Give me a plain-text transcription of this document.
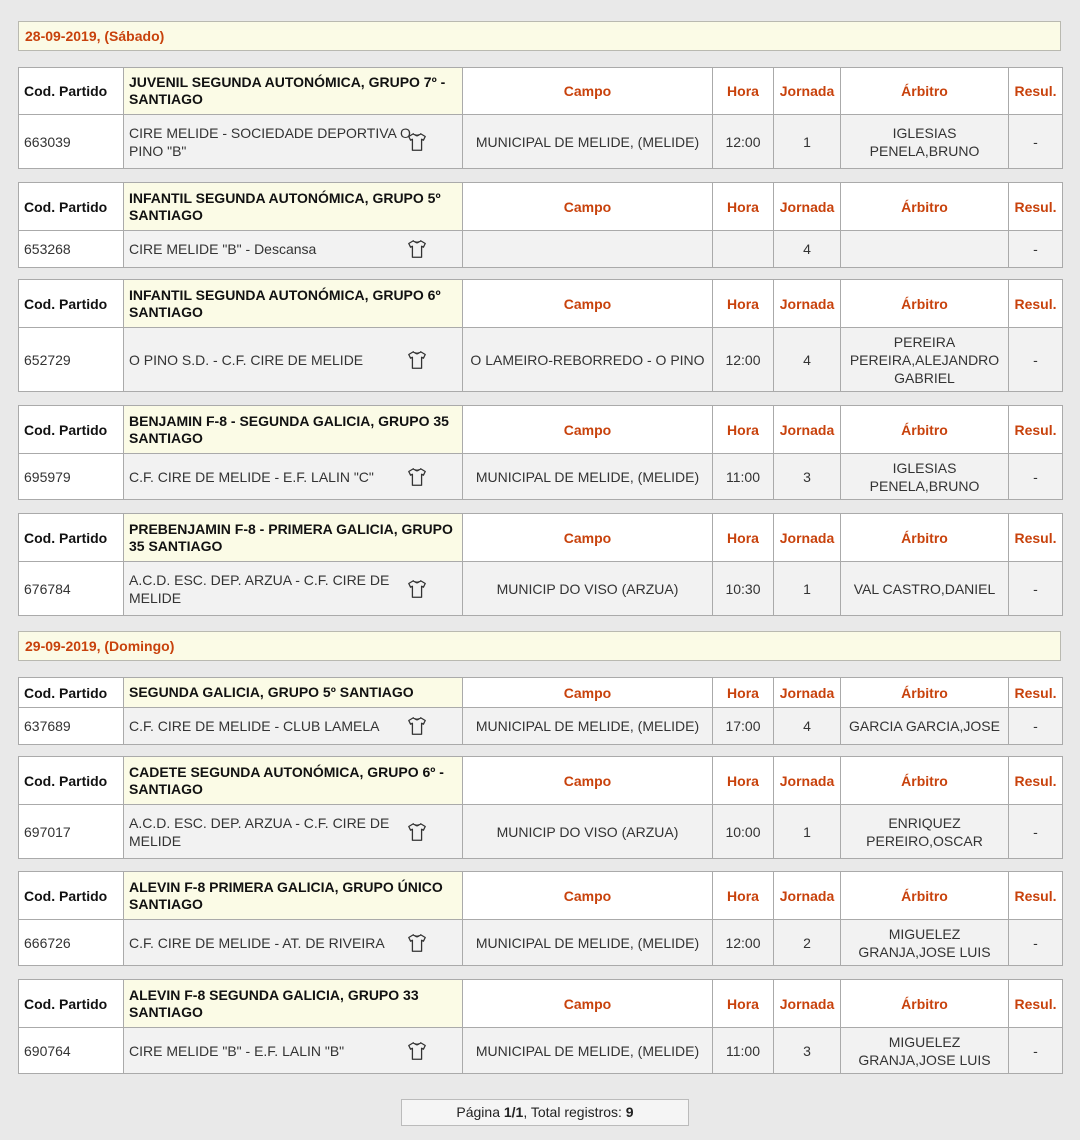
28-09-2019, (Sábado)
Cod. Partido	JUVENIL SEGUNDA AUTONÓMICA, GRUPO 7º - SANTIAGO	Campo	Hora	Jornada	Árbitro	Resul.
663039	CIRE MELIDE - SOCIEDADE DEPORTIVA O PINO "B"	MUNICIPAL DE MELIDE, (MELIDE)	12:00	1	IGLESIAS PENELA,BRUNO	-
Cod. Partido	INFANTIL SEGUNDA AUTONÓMICA, GRUPO 5º SANTIAGO	Campo	Hora	Jornada	Árbitro	Resul.
653268	CIRE MELIDE "B" - Descansa			4		-
Cod. Partido	INFANTIL SEGUNDA AUTONÓMICA, GRUPO 6º SANTIAGO	Campo	Hora	Jornada	Árbitro	Resul.
652729	O PINO S.D. - C.F. CIRE DE MELIDE	O LAMEIRO-REBORREDO - O PINO	12:00	4	PEREIRA PEREIRA,ALEJANDRO GABRIEL	-
Cod. Partido	BENJAMIN F-8 - SEGUNDA GALICIA, GRUPO 35 SANTIAGO	Campo	Hora	Jornada	Árbitro	Resul.
695979	C.F. CIRE DE MELIDE - E.F. LALIN "C"	MUNICIPAL DE MELIDE, (MELIDE)	11:00	3	IGLESIAS PENELA,BRUNO	-
Cod. Partido	PREBENJAMIN F-8 - PRIMERA GALICIA, GRUPO 35 SANTIAGO	Campo	Hora	Jornada	Árbitro	Resul.
676784	A.C.D. ESC. DEP. ARZUA - C.F. CIRE DE MELIDE	MUNICIP DO VISO (ARZUA)	10:30	1	VAL CASTRO,DANIEL	-
29-09-2019, (Domingo)
Cod. Partido	SEGUNDA GALICIA, GRUPO 5º SANTIAGO	Campo	Hora	Jornada	Árbitro	Resul.
637689	C.F. CIRE DE MELIDE - CLUB LAMELA	MUNICIPAL DE MELIDE, (MELIDE)	17:00	4	GARCIA GARCIA,JOSE	-
Cod. Partido	CADETE SEGUNDA AUTONÓMICA, GRUPO 6º - SANTIAGO	Campo	Hora	Jornada	Árbitro	Resul.
697017	A.C.D. ESC. DEP. ARZUA - C.F. CIRE DE MELIDE	MUNICIP DO VISO (ARZUA)	10:00	1	ENRIQUEZ PEREIRO,OSCAR	-
Cod. Partido	ALEVIN F-8 PRIMERA GALICIA, GRUPO ÚNICO SANTIAGO	Campo	Hora	Jornada	Árbitro	Resul.
666726	C.F. CIRE DE MELIDE - AT. DE RIVEIRA	MUNICIPAL DE MELIDE, (MELIDE)	12:00	2	MIGUELEZ GRANJA,JOSE LUIS	-
Cod. Partido	ALEVIN F-8 SEGUNDA GALICIA, GRUPO 33 SANTIAGO	Campo	Hora	Jornada	Árbitro	Resul.
690764	CIRE MELIDE "B" - E.F. LALIN "B"	MUNICIPAL DE MELIDE, (MELIDE)	11:00	3	MIGUELEZ GRANJA,JOSE LUIS	-
Página 1/1, Total registros: 9
